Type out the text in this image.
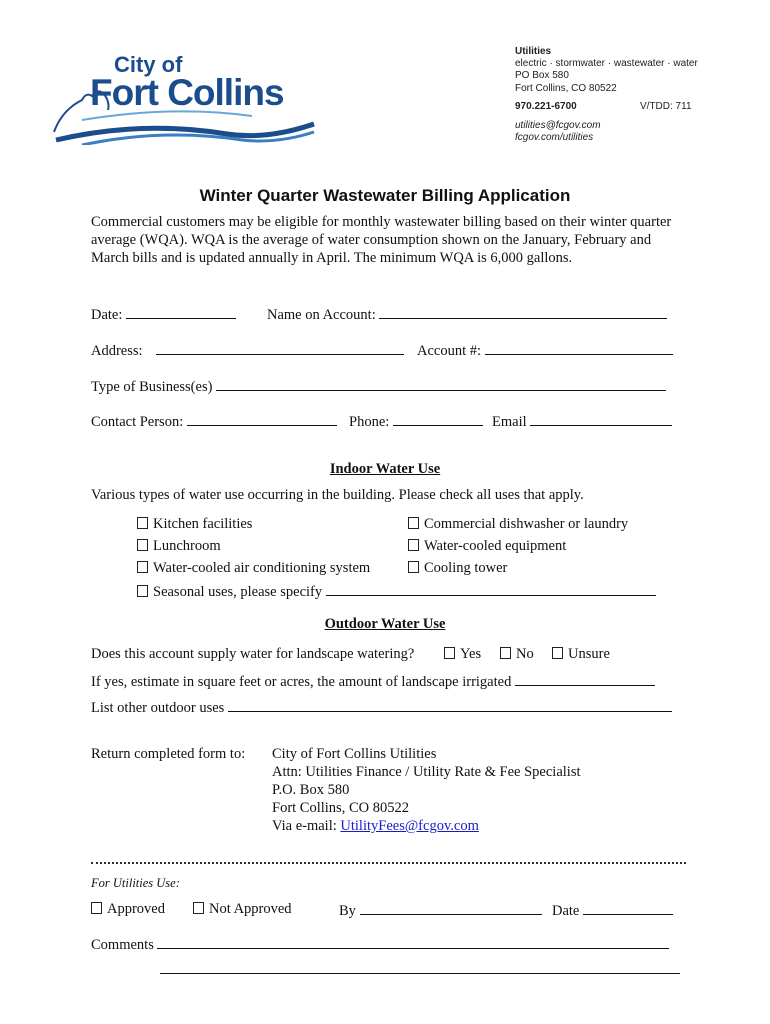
City of
Fort Collins
Utilities
electric · stormwater · wastewater · water
PO Box 580
Fort Collins, CO 80522
970.221-6700	V/TDD: 711
utilities@fcgov.com
fcgov.com/utilities
Winter Quarter Wastewater Billing Application
Commercial customers may be eligible for monthly wastewater billing based on their winter quarter average (WQA). WQA is the average of water consumption shown on the January, February and March bills and is updated annually in April. The minimum WQA is 6,000 gallons.
Date:	Name on Account:
Address:	Account #:
Type of Business(es)
Contact Person:	Phone:	Email
Indoor Water Use
Various types of water use occurring in the building. Please check all uses that apply.
Kitchen facilities
Lunchroom
Water-cooled air conditioning system
Seasonal uses, please specify
Commercial dishwasher or laundry
Water-cooled equipment
Cooling tower
Outdoor Water Use
Does this account supply water for landscape watering?	Yes	No	Unsure
If yes, estimate in square feet or acres, the amount of landscape irrigated
List other outdoor uses
Return completed form to: City of Fort Collins Utilities
Attn: Utilities Finance / Utility Rate & Fee Specialist
P.O. Box 580
Fort Collins, CO 80522
Via e-mail: UtilityFees@fcgov.com
For Utilities Use:
Approved	Not Approved	By	Date
Comments
